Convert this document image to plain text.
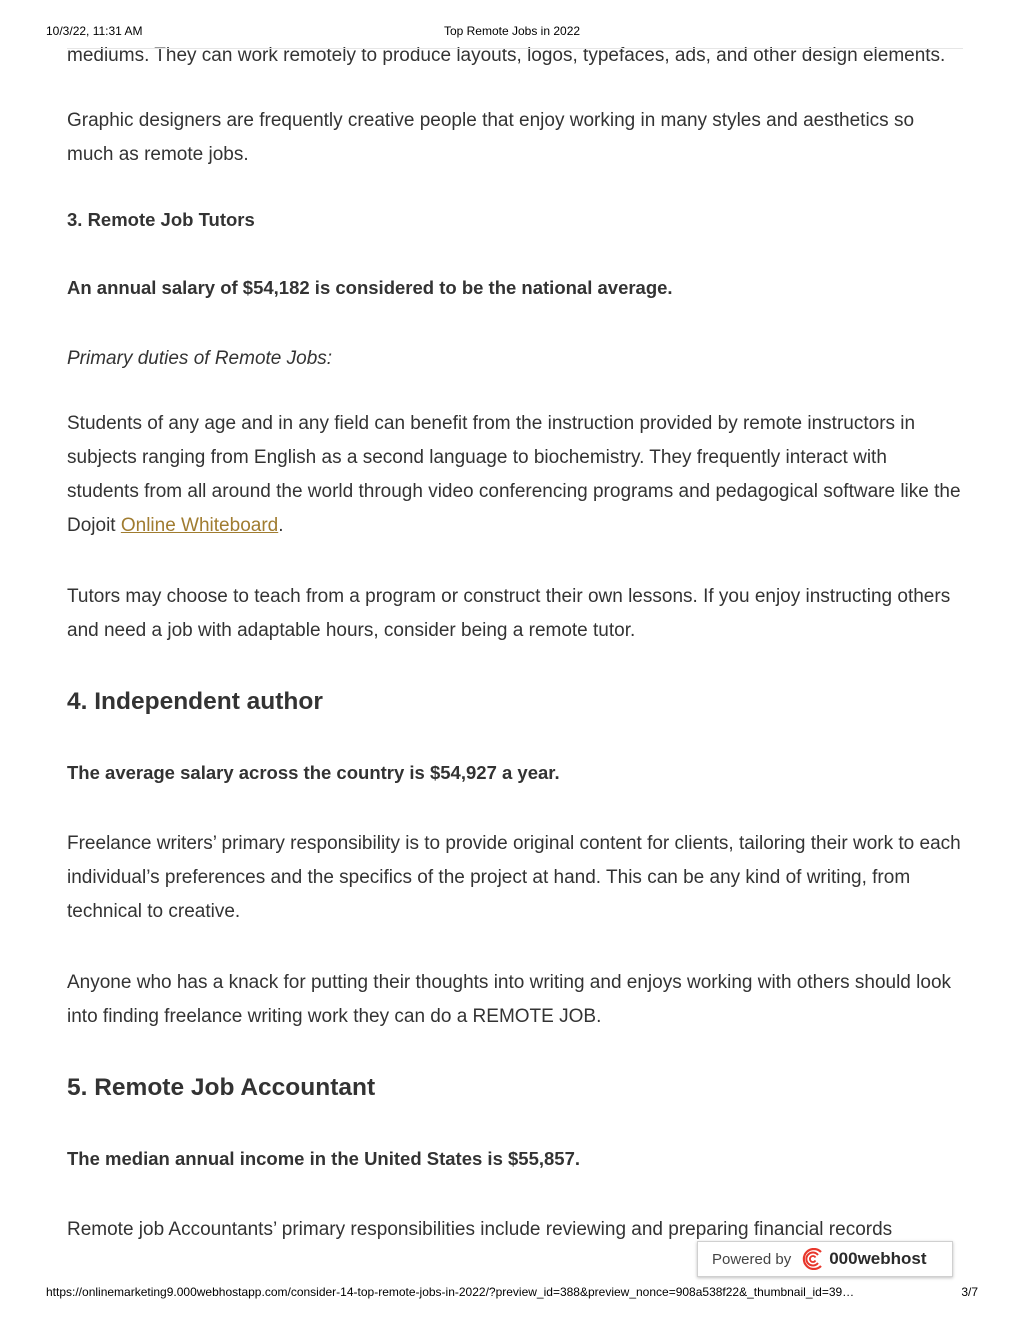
10/3/22, 11:31 AM	Top Remote Jobs in 2022

mediums. They can work remotely to produce layouts, logos, typefaces, ads, and other design elements.

Graphic designers are frequently creative people that enjoy working in many styles and aesthetics so much as remote jobs.

3. Remote Job Tutors

An annual salary of $54,182 is considered to be the national average.

Primary duties of Remote Jobs:

Students of any age and in any field can benefit from the instruction provided by remote instructors in subjects ranging from English as a second language to biochemistry. They frequently interact with students from all around the world through video conferencing programs and pedagogical software like the Dojoit Online Whiteboard.

Tutors may choose to teach from a program or construct their own lessons. If you enjoy instructing others and need a job with adaptable hours, consider being a remote tutor.

4. Independent author

The average salary across the country is $54,927 a year.

Freelance writers’ primary responsibility is to provide original content for clients, tailoring their work to each individual’s preferences and the specifics of the project at hand. This can be any kind of writing, from technical to creative.

Anyone who has a knack for putting their thoughts into writing and enjoys working with others should look into finding freelance writing work they can do a REMOTE JOB.

5. Remote Job Accountant

The median annual income in the United States is $55,857.

Remote job Accountants’ primary responsibilities include reviewing and preparing financial records

Powered by 000webhost
https://onlinemarketing9.000webhostapp.com/consider-14-top-remote-jobs-in-2022/?preview_id=388&preview_nonce=908a538f22&_thumbnail_id=39…	3/7
